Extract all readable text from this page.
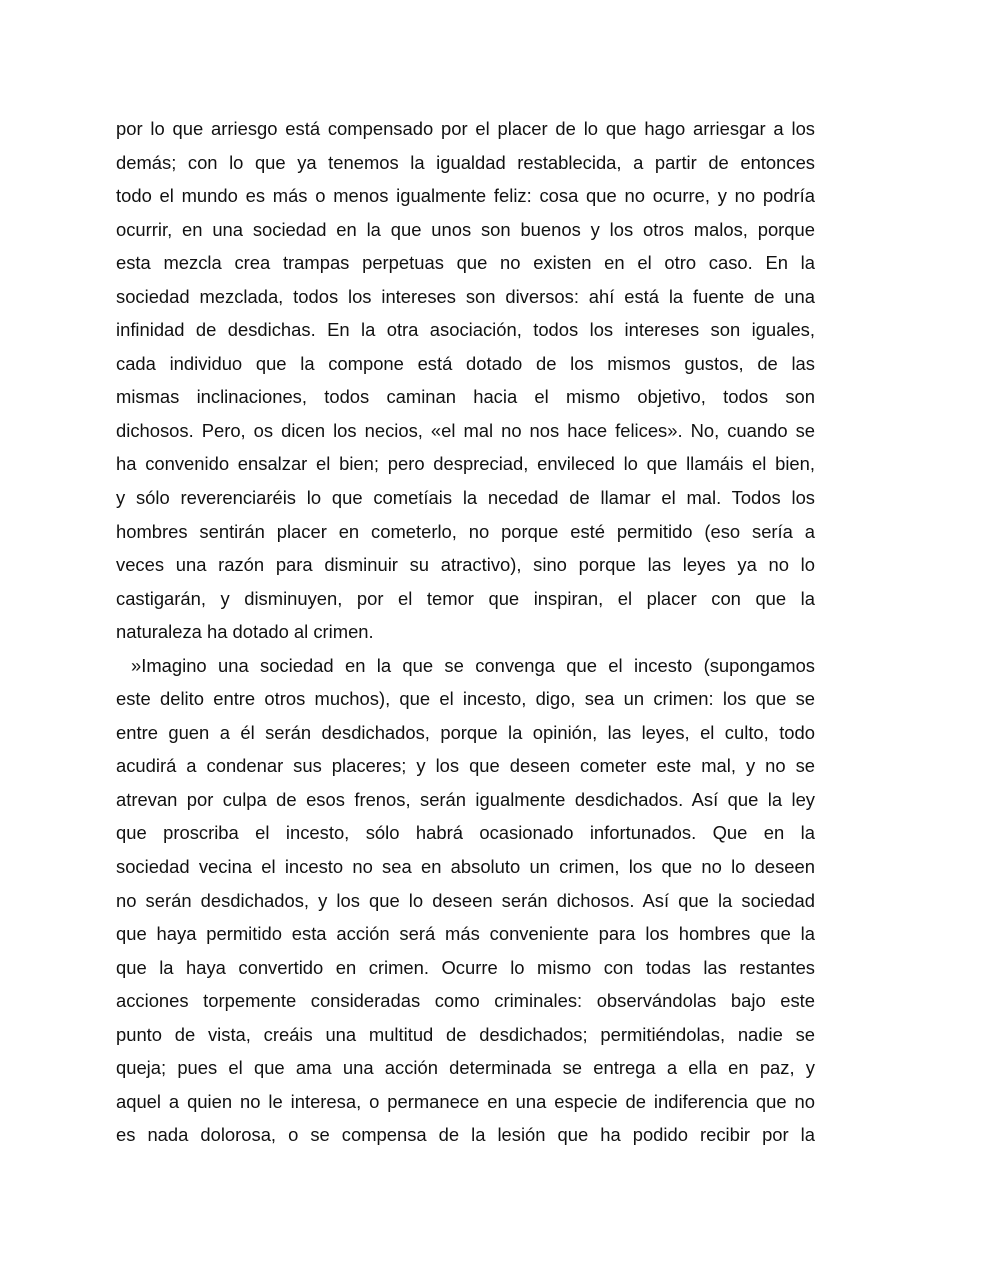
por lo que arriesgo está compensado por el placer de lo que hago arriesgar a los
demás; con lo que ya tenemos la igualdad restablecida, a partir de entonces
todo el mundo es más o menos igualmente feliz: cosa que no ocurre, y no podría
ocurrir, en una sociedad en la que unos son buenos y los otros malos, porque
esta mezcla crea trampas perpetuas que no existen en el otro caso. En la
sociedad mezclada, todos los intereses son diversos: ahí está la fuente de una
infinidad de desdichas. En la otra asociación, todos los intereses son iguales,
cada individuo que la compone está dotado de los mismos gustos, de las
mismas inclinaciones, todos caminan hacia el mismo objetivo, todos son
dichosos. Pero, os dicen los necios, «el mal no nos hace felices». No, cuando se
ha convenido ensalzar el bien; pero despreciad, envileced lo que llamáis el bien,
y sólo reverenciaréis lo que cometíais la necedad de llamar el mal. Todos los
hombres sentirán placer en cometerlo, no porque esté permitido (eso sería a
veces una razón para disminuir su atractivo), sino porque las leyes ya no lo
castigarán, y disminuyen, por el temor que inspiran, el placer con que la
naturaleza ha dotado al crimen.
»Imagino una sociedad en la que se convenga que el incesto (supongamos
este delito entre otros muchos), que el incesto, digo, sea un crimen: los que se
entre guen a él serán desdichados, porque la opinión, las leyes, el culto, todo
acudirá a condenar sus placeres; y los que deseen cometer este mal, y no se
atrevan por culpa de esos frenos, serán igualmente desdichados. Así que la ley
que proscriba el incesto, sólo habrá ocasionado infortunados. Que en la
sociedad vecina el incesto no sea en absoluto un crimen, los que no lo deseen
no serán desdichados, y los que lo deseen serán dichosos. Así que la sociedad
que haya permitido esta acción será más conveniente para los hombres que la
que la haya convertido en crimen. Ocurre lo mismo con todas las restantes
acciones torpemente consideradas como criminales: observándolas bajo este
punto de vista, creáis una multitud de desdichados; permitiéndolas, nadie se
queja; pues el que ama una acción determinada se entrega a ella en paz, y
aquel a quien no le interesa, o permanece en una especie de indiferencia que no
es nada dolorosa, o se compensa de la lesión que ha podido recibir por la
